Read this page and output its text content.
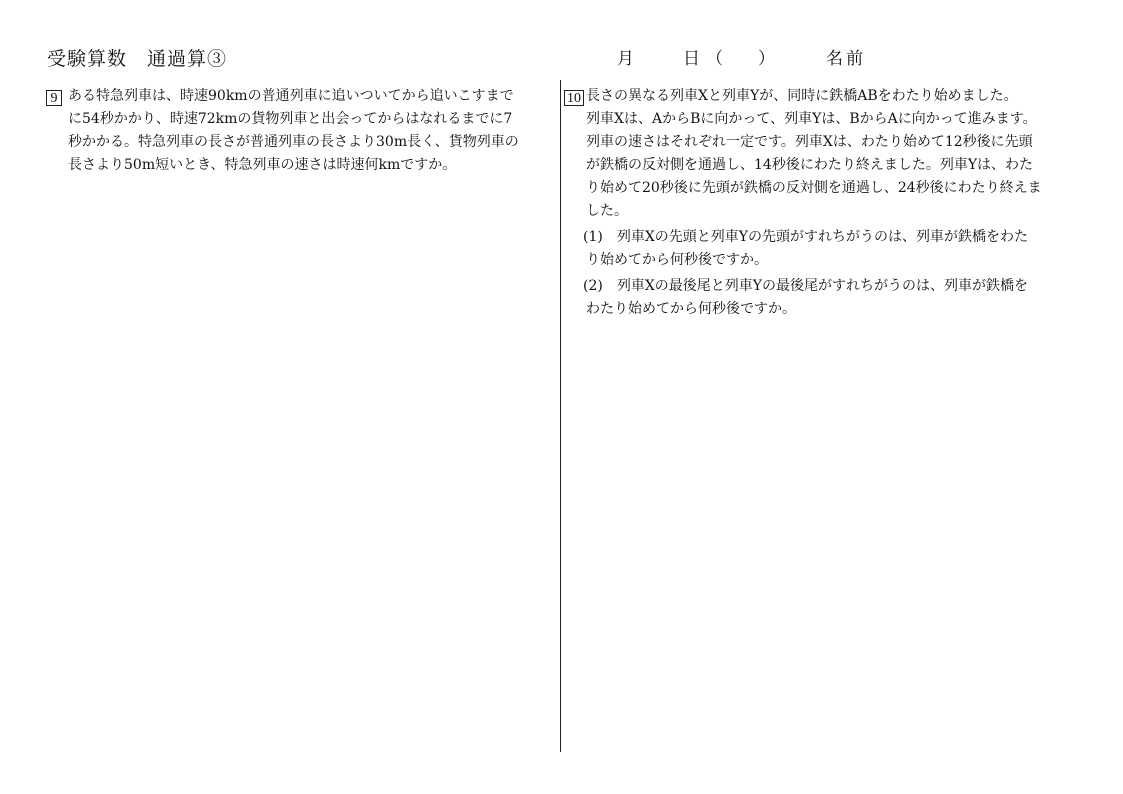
受験算数　通過算③	月	日 （ ）	名前
9 ある特急列車は、時速90kmの普通列車に追いついてから追いこすまで
に54秒かかり、時速72kmの貨物列車と出会ってからはなれるまでに7
秒かかる。特急列車の長さが普通列車の長さより30m長く、貨物列車の
長さより50m短いとき、特急列車の速さは時速何kmですか。
10 長さの異なる列車Xと列車Yが、同時に鉄橋ABをわたり始めました。
列車Xは、AからBに向かって、列車Yは、BからAに向かって進みます。
列車の速さはそれぞれ一定です。列車Xは、わたり始めて12秒後に先頭
が鉄橋の反対側を通過し、14秒後にわたり終えました。列車Yは、わた
り始めて20秒後に先頭が鉄橋の反対側を通過し、24秒後にわたり終えま
した。
(1)　列車Xの先頭と列車Yの先頭がすれちがうのは、列車が鉄橋をわた
り始めてから何秒後ですか。
(2)　列車Xの最後尾と列車Yの最後尾がすれちがうのは、列車が鉄橋を
わたり始めてから何秒後ですか。
